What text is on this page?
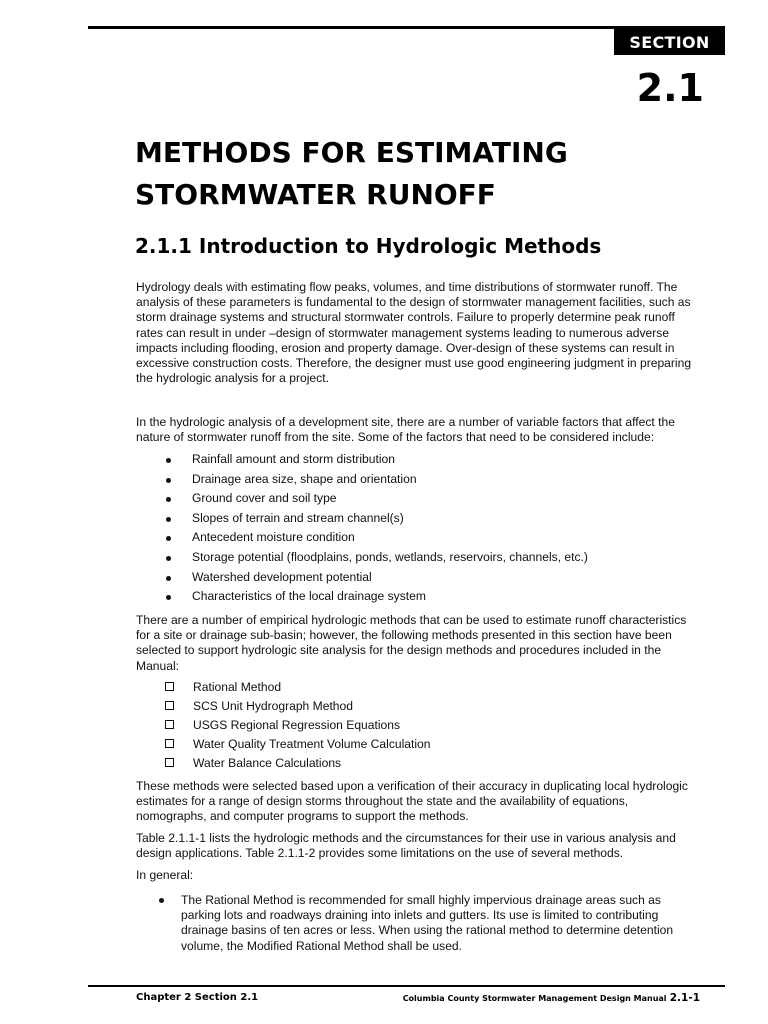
SECTION
2.1
METHODS FOR ESTIMATING
STORMWATER RUNOFF
2.1.1 Introduction to Hydrologic Methods

Hydrology deals with estimating flow peaks, volumes, and time distributions of stormwater runoff. The analysis of these parameters is fundamental to the design of stormwater management facilities, such as storm drainage systems and structural stormwater controls. Failure to properly determine peak runoff rates can result in under –design of stormwater management systems leading to numerous adverse impacts including flooding, erosion and property damage. Over-design of these systems can result in excessive construction costs. Therefore, the designer must use good engineering judgment in preparing the hydrologic analysis for a project.

In the hydrologic analysis of a development site, there are a number of variable factors that affect the nature of stormwater runoff from the site. Some of the factors that need to be considered include:

Rainfall amount and storm distribution
Drainage area size, shape and orientation
Ground cover and soil type
Slopes of terrain and stream channel(s)
Antecedent moisture condition
Storage potential (floodplains, ponds, wetlands, reservoirs, channels, etc.)
Watershed development potential
Characteristics of the local drainage system

There are a number of empirical hydrologic methods that can be used to estimate runoff characteristics for a site or drainage sub-basin; however, the following methods presented in this section have been selected to support hydrologic site analysis for the design methods and procedures included in the Manual:

Rational Method
SCS Unit Hydrograph Method
USGS Regional Regression Equations
Water Quality Treatment Volume Calculation
Water Balance Calculations

These methods were selected based upon a verification of their accuracy in duplicating local hydrologic estimates for a range of design storms throughout the state and the availability of equations, nomographs, and computer programs to support the methods.

Table 2.1.1-1 lists the hydrologic methods and the circumstances for their use in various analysis and design applications. Table 2.1.1-2 provides some limitations on the use of several methods.

In general:

The Rational Method is recommended for small highly impervious drainage areas such as parking lots and roadways draining into inlets and gutters. Its use is limited to contributing drainage basins of ten acres or less. When using the rational method to determine detention volume, the Modified Rational Method shall be used.

Chapter 2 Section 2.1	Columbia County Stormwater Management Design Manual 2.1-1
